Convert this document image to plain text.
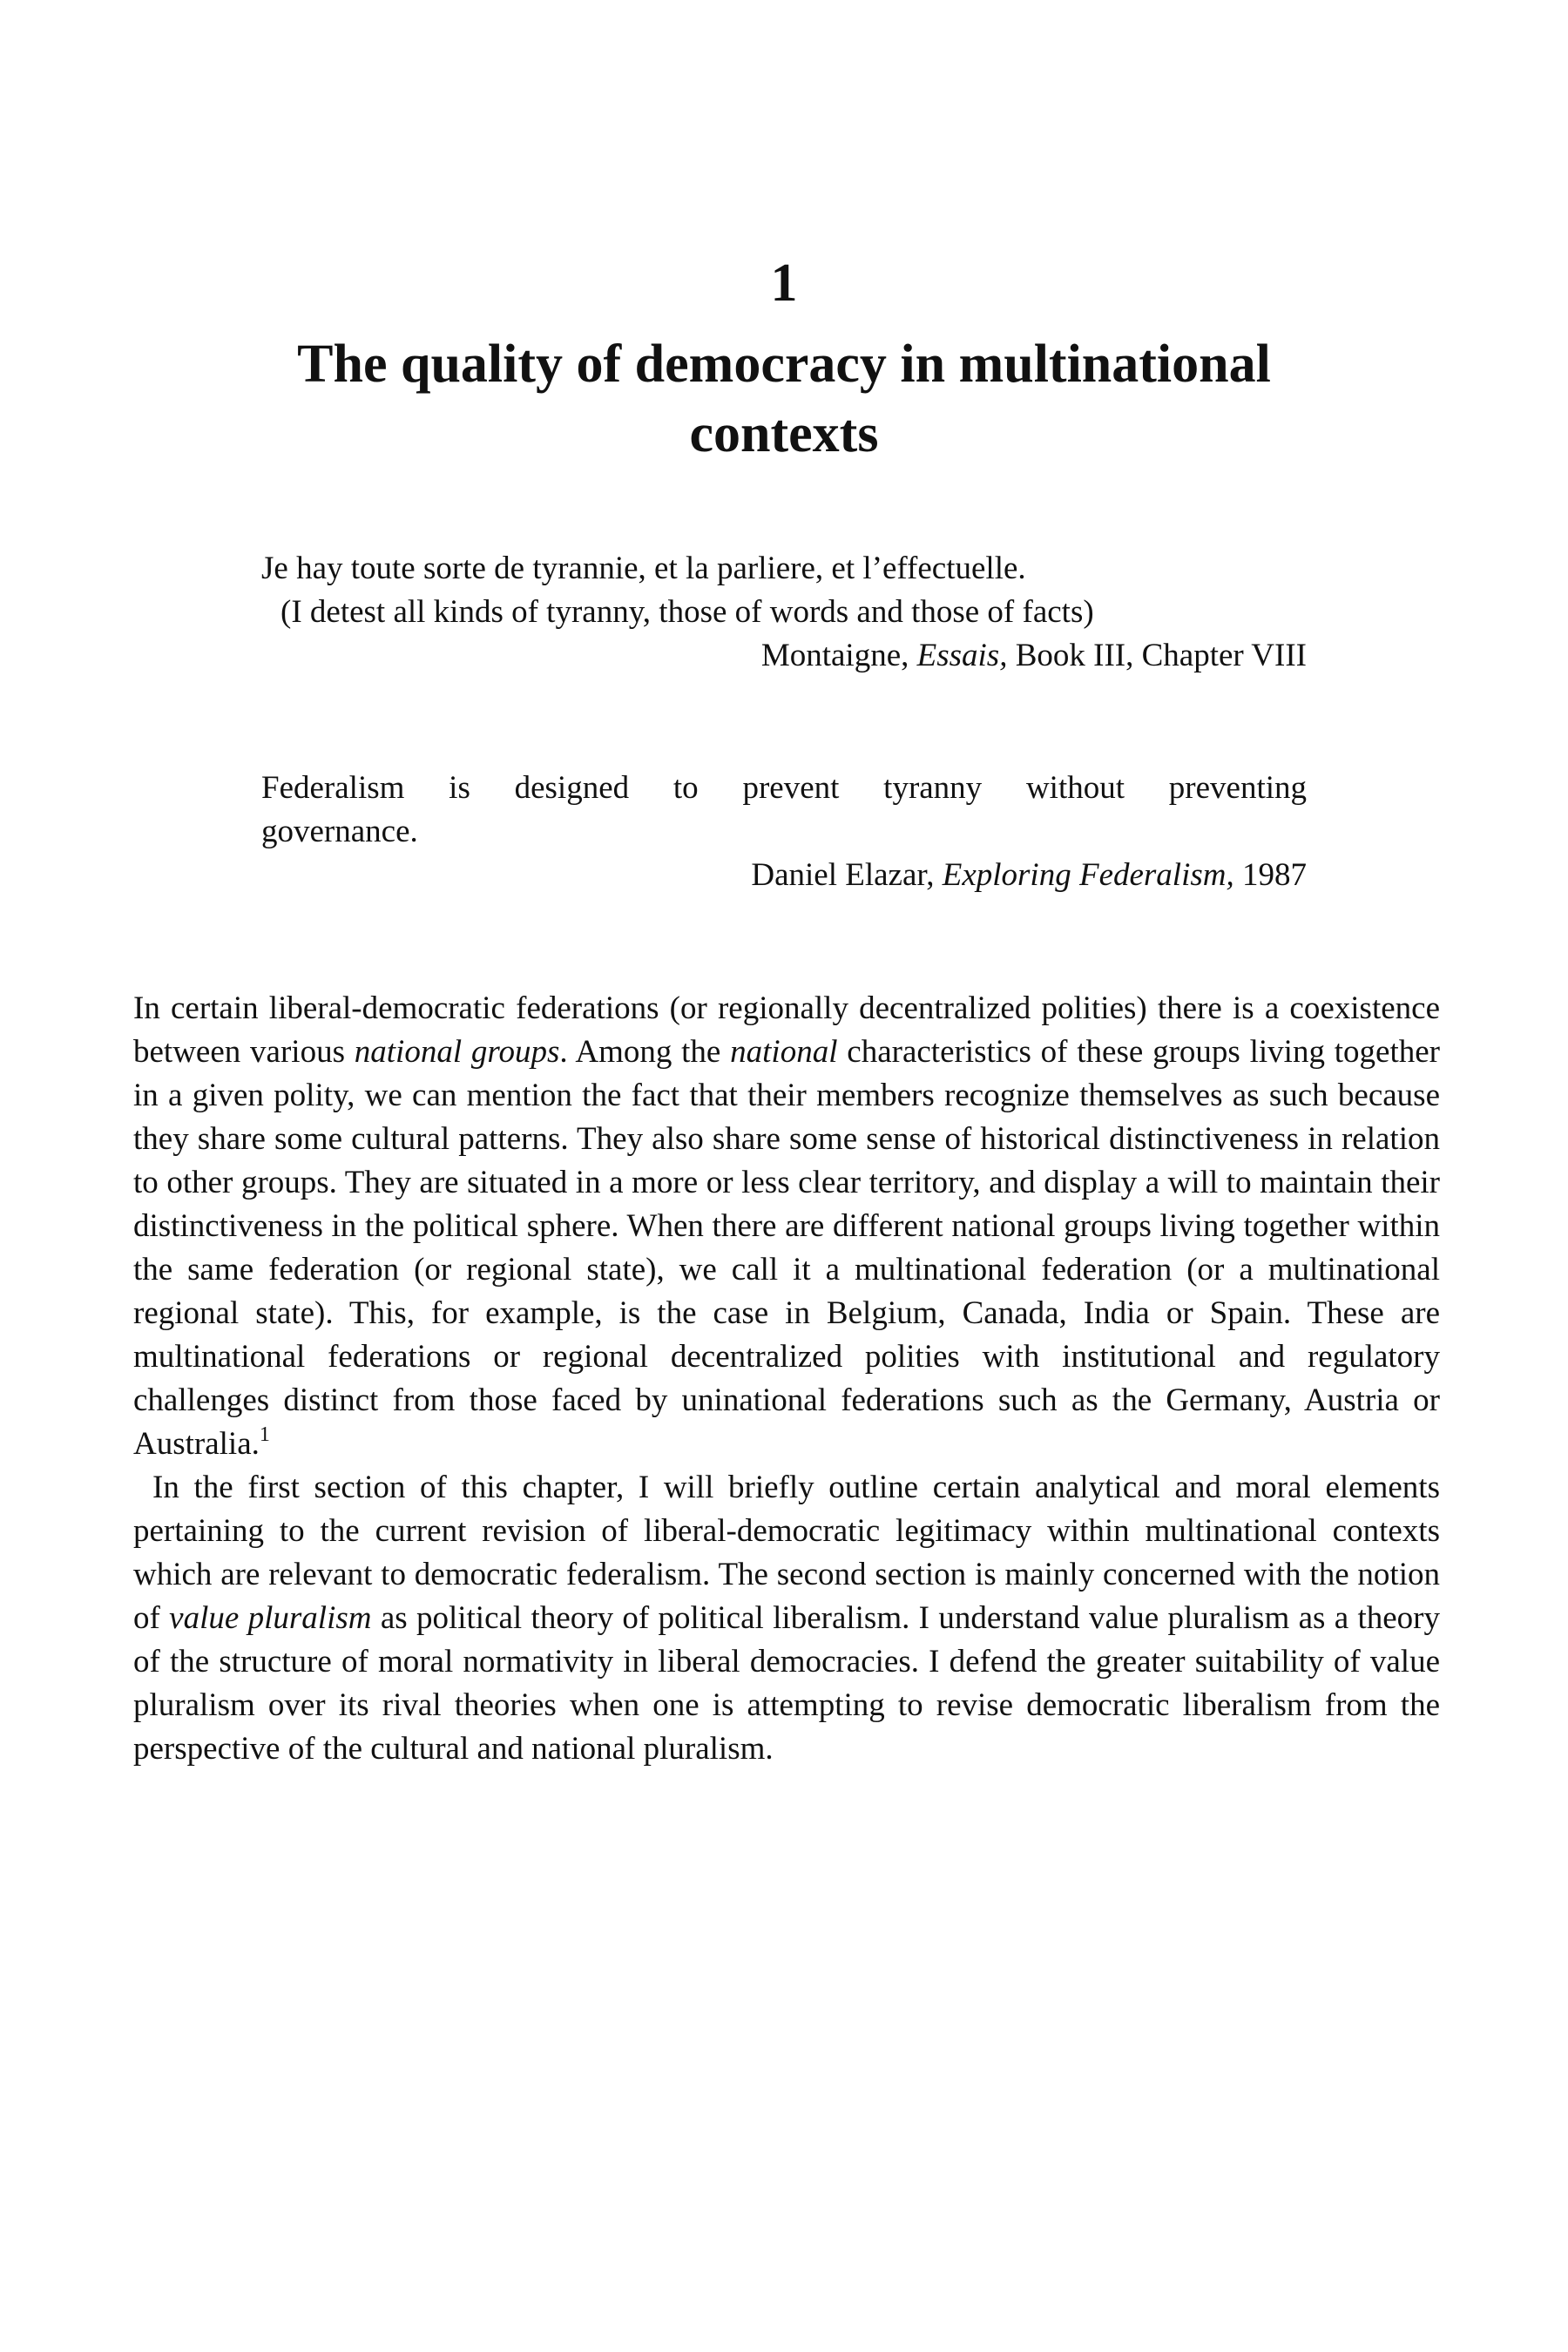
1
The quality of democracy in multinational
contexts
Je hay toute sorte de tyrannie, et la parliere, et l’effectuelle.
(I detest all kinds of tyranny, those of words and those of facts)
Montaigne, Essais, Book III, Chapter VIII
Federalism is designed to prevent tyranny without preventing
governance.
Daniel Elazar, Exploring Federalism, 1987

In certain liberal-democratic federations (or regionally decentralized polities) there is a coexistence between various national groups. Among the national characteristics of these groups living together in a given polity, we can mention the fact that their members recognize themselves as such because they share some cultural patterns. They also share some sense of historical distinctiveness in relation to other groups. They are situated in a more or less clear territory, and display a will to maintain their distinctiveness in the political sphere. When there are different national groups living together within the same federation (or regional state), we call it a multinational federation (or a multinational regional state). This, for example, is the case in Belgium, Canada, India or Spain. These are multinational federations or regional decentralized polities with institutional and regulatory challenges distinct from those faced by uninational federations such as the Germany, Austria or Australia.$^1$

In the first section of this chapter, I will briefly outline certain analytical and moral elements pertaining to the current revision of liberal-democratic legitimacy within multinational contexts which are relevant to democratic federalism. The second section is mainly concerned with the notion of value pluralism as political theory of political liberalism. I understand value pluralism as a theory of the structure of moral normativity in liberal democracies. I defend the greater suitability of value pluralism over its rival theories when one is attempting to revise democratic liberalism from the perspective of the cultural and national pluralism.
